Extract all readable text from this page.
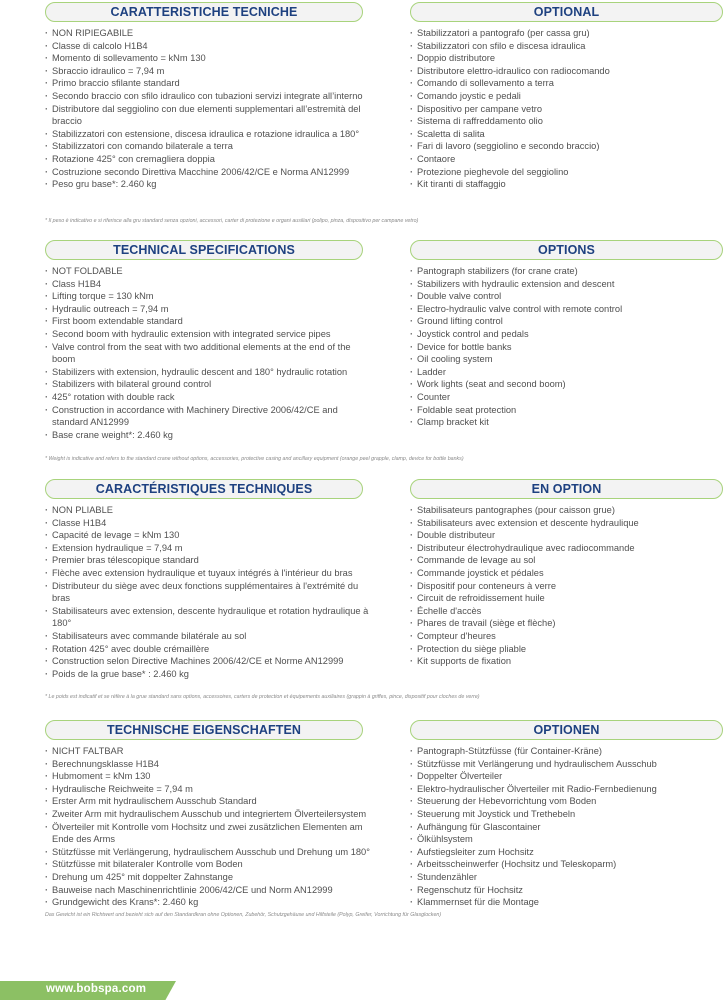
CARATTERISTICHE TECNICHE
· NON RIPIEGABILE
· Classe di calcolo H1B4
· Momento di sollevamento = kNm 130
· Sbraccio idraulico = 7,94 m
· Primo braccio sfilante standard
· Secondo braccio con sfilo idraulico con tubazioni servizi integrate all’interno
· Distributore dal seggiolino con due elementi supplementari all’estremità del braccio
· Stabilizzatori con estensione, discesa idraulica e rotazione idraulica a 180°
· Stabilizzatori con comando bilaterale a terra
· Rotazione 425° con cremagliera doppia
· Costruzione secondo Direttiva Macchine 2006/42/CE e Norma AN12999
· Peso gru base*: 2.460 kg
OPTIONAL
· Stabilizzatori a pantografo (per cassa gru)
· Stabilizzatori con sfilo e discesa idraulica
· Doppio distributore
· Distributore elettro-idraulico con radiocomando
· Comando di sollevamento a terra
· Comando joystic e pedali
· Dispositivo per campane vetro
· Sistema di raffreddamento olio
· Scaletta di salita
· Fari di lavoro (seggiolino e secondo braccio)
· Contaore
· Protezione pieghevole del seggiolino
· Kit tiranti di staffaggio
* Il peso è indicativo e si riferisce alla gru standard senza opzioni, accessori, carter di protezione e organi ausiliari (polipo, pinza, dispositivo per campane vetro)
TECHNICAL SPECIFICATIONS
· NOT FOLDABLE
· Class H1B4
· Lifting torque = 130 kNm
· Hydraulic outreach = 7,94 m
· First boom extendable standard
· Second boom with hydraulic extension with integrated service pipes
· Valve control from the seat with two additional elements at the end of the boom
· Stabilizers with extension, hydraulic descent and 180° hydraulic rotation
· Stabilizers with bilateral ground control
· 425° rotation with double rack
· Construction in accordance with Machinery Directive 2006/42/CE and standard AN12999
· Base crane weight*: 2.460 kg
OPTIONS
· Pantograph stabilizers (for crane crate)
· Stabilizers with hydraulic extension and descent
· Double valve control
· Electro-hydraulic valve control with remote control
· Ground lifting control
· Joystick control and pedals
· Device for bottle banks
· Oil cooling system
· Ladder
· Work lights (seat and second boom)
· Counter
· Foldable seat protection
· Clamp bracket kit
* Weight is indicative and refers to the standard crane without options, accessories, protective casing and ancillary equipment (orange peel grapple, clamp, device for bottle banks)
CARACTÉRISTIQUES TECHNIQUES
· NON PLIABLE
· Classe H1B4
· Capacité de levage = kNm 130
· Extension hydraulique = 7,94 m
· Premier bras télescopique standard
· Flèche avec extension hydraulique et tuyaux intégrés à l'intérieur du bras
· Distributeur du siège avec deux fonctions supplémentaires à l'extrémité du bras
· Stabilisateurs avec extension, descente hydraulique et rotation hydraulique à 180°
· Stabilisateurs avec commande bilatérale au sol
· Rotation 425° avec double crémaillère
· Construction selon Directive Machines 2006/42/CE et Norme AN12999
· Poids de la grue base* : 2.460 kg
EN OPTION
· Stabilisateurs pantographes (pour caisson grue)
· Stabilisateurs avec extension et descente hydraulique
· Double distributeur
· Distributeur électrohydraulique avec radiocommande
· Commande de levage au sol
· Commande joystick et pédales
· Dispositif pour conteneurs à verre
· Circuit de refroidissement huile
· Échelle d'accès
· Phares de travail (siège et flèche)
· Compteur d'heures
· Protection du siège pliable
· Kit supports de fixation
* Le poids est indicatif et se réfère à la grue standard sans options, accessoires, carters de protection et équipements auxiliaires (grappin à griffes, pince, dispositif pour cloches de verre)
TECHNISCHE EIGENSCHAFTEN
· NICHT FALTBAR
· Berechnungsklasse H1B4
· Hubmoment = kNm 130
· Hydraulische Reichweite = 7,94 m
· Erster Arm mit hydraulischem Ausschub Standard
· Zweiter Arm mit hydraulischem Ausschub und integriertem Ölverteilersystem
· Ölverteiler mit Kontrolle vom Hochsitz und zwei zusätzlichen Elementen am Ende des Arms
· Stützfüsse mit Verlängerung, hydraulischem Ausschub und Drehung um 180°
· Stützfüsse mit bilateraler Kontrolle vom Boden
· Drehung um 425° mit doppelter Zahnstange
· Bauweise nach Maschinenrichtlinie 2006/42/CE und Norm AN12999
· Grundgewicht des Krans*: 2.460 kg
OPTIONEN
· Pantograph-Stützfüsse (für Container-Kräne)
· Stützfüsse mit Verlängerung und hydraulischem Ausschub
· Doppelter Ölverteiler
· Elektro-hydraulischer Ölverteiler mit Radio-Fernbedienung
· Steuerung der Hebevorrichtung vom Boden
· Steuerung mit Joystick und Trethebeln
· Aufhängung für Glascontainer
· Ölkühlsystem
· Aufstiegsleiter zum Hochsitz
· Arbeitsscheinwerfer (Hochsitz und Teleskoparm)
· Stundenzähler
· Regenschutz für Hochsitz
· Klammernset für die Montage
Das Gewicht ist ein Richtwert und bezieht sich auf den Standardkran ohne Optionen, Zubehör, Schutzgehäuse und Hilfsteile (Polyp, Greifer, Vorrichtung für Glasglocken)
www.bobspa.com
